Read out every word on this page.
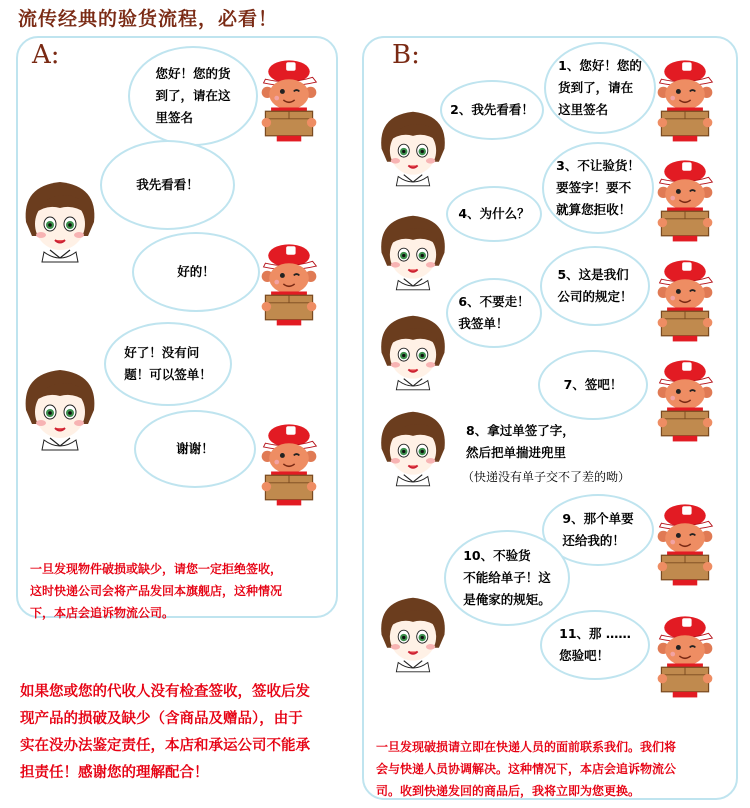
流传经典的验货流程，必看！
A:
您好！您的货
到了，请在这
里签名
我先看看！
好的！
好了！没有问
题！可以签单！
谢谢！

一旦发现物件破损或缺少，请您一定拒绝签收，
这时快递公司会将产品发回本旗舰店，这种情况
下，本店会追诉物流公司。

如果您或您的代收人没有检查签收，签收后发
现产品的损破及缺少（含商品及赠品），由于
实在没办法鉴定责任，本店和承运公司不能承
担责任！感谢您的理解配合！

B:	1、您好！您的
货到了，请在
这里签名
2、我先看看！
3、不让验货！
要签字！要不
就算您拒收！
4、为什么？
5、这是我们
公司的规定！
6、不要走！
我签单！
7、签吧！
8、拿过单签了字，
然后把单揣进兜里
（快递没有单子交不了差的呦）
9、那个单要
还给我的！
10、不验货
不能给单子！这
是俺家的规矩。
11、那 ……
您验吧！

一旦发现破损请立即在快递人员的面前联系我们。我们将
会与快递人员协调解决。这种情况下，本店会追诉物流公
司。收到快递发回的商品后，我将立即为您更换。
